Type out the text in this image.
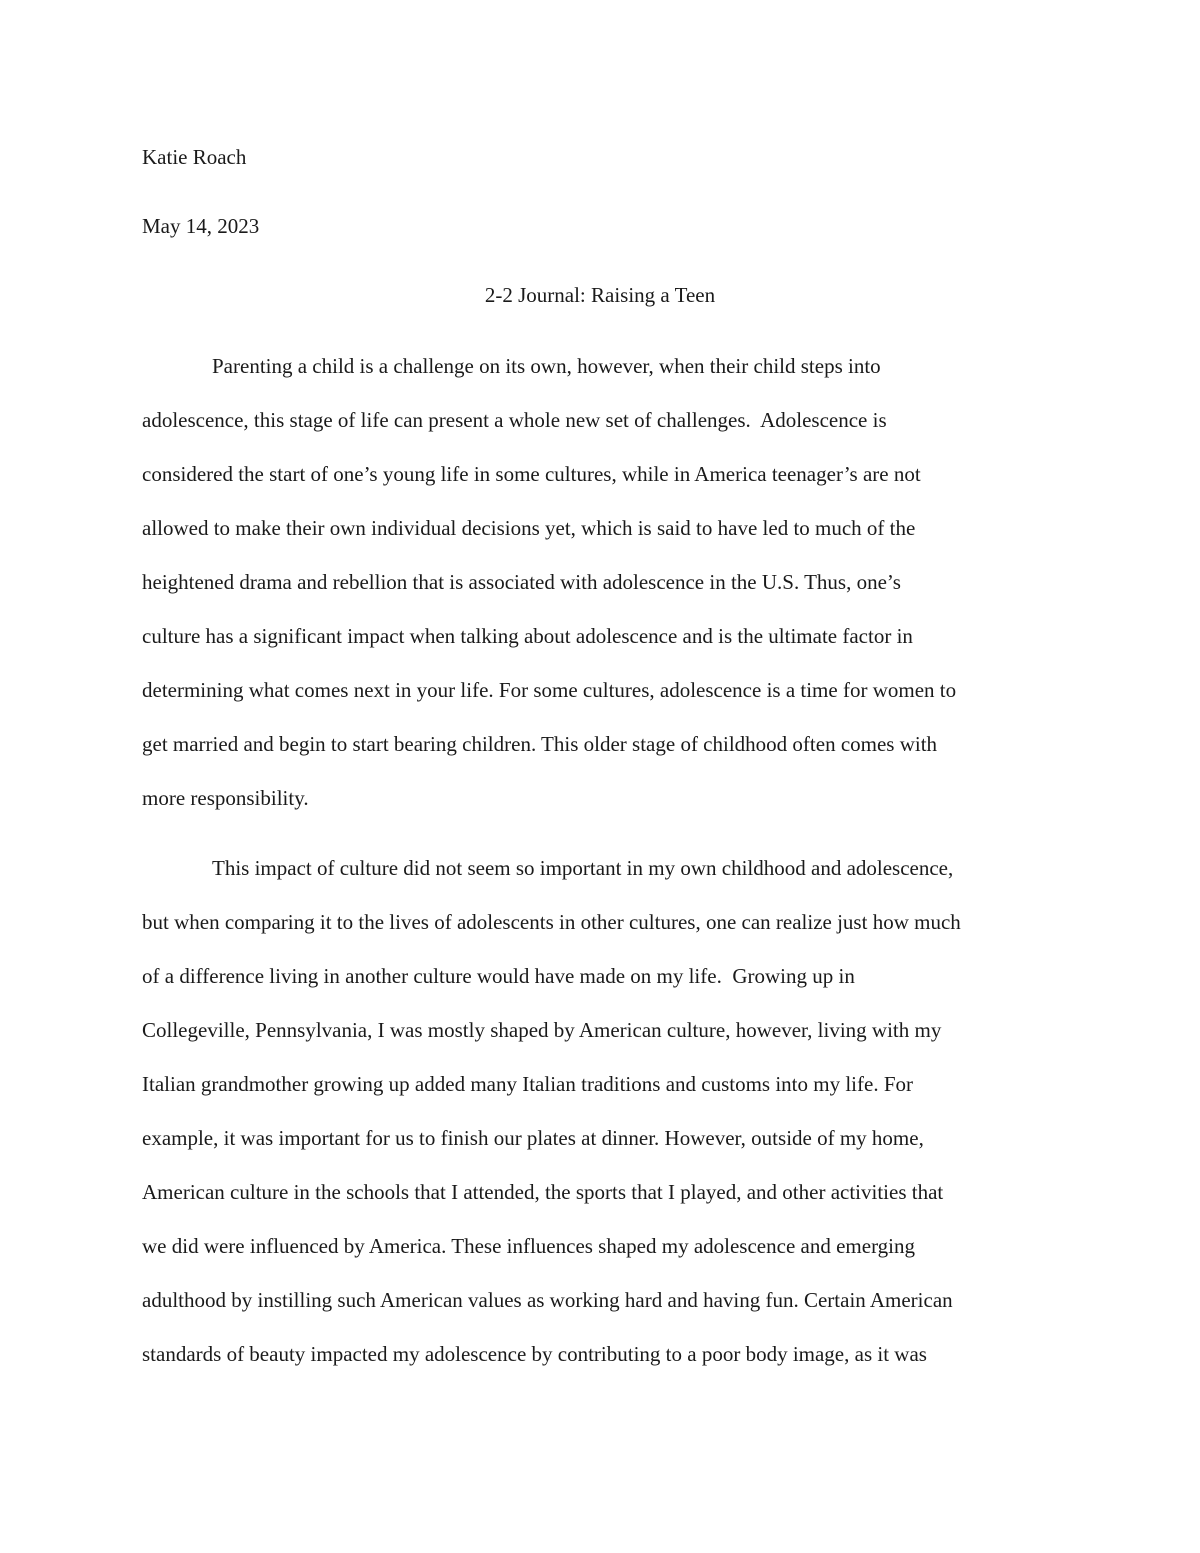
Katie Roach
May 14, 2023
2-2 Journal: Raising a Teen
Parenting a child is a challenge on its own, however, when their child steps into
adolescence, this stage of life can present a whole new set of challenges.  Adolescence is
considered the start of one’s young life in some cultures, while in America teenager’s are not
allowed to make their own individual decisions yet, which is said to have led to much of the
heightened drama and rebellion that is associated with adolescence in the U.S. Thus, one’s
culture has a significant impact when talking about adolescence and is the ultimate factor in
determining what comes next in your life. For some cultures, adolescence is a time for women to
get married and begin to start bearing children. This older stage of childhood often comes with
more responsibility.
This impact of culture did not seem so important in my own childhood and adolescence,
but when comparing it to the lives of adolescents in other cultures, one can realize just how much
of a difference living in another culture would have made on my life.  Growing up in
Collegeville, Pennsylvania, I was mostly shaped by American culture, however, living with my
Italian grandmother growing up added many Italian traditions and customs into my life. For
example, it was important for us to finish our plates at dinner. However, outside of my home,
American culture in the schools that I attended, the sports that I played, and other activities that
we did were influenced by America. These influences shaped my adolescence and emerging
adulthood by instilling such American values as working hard and having fun. Certain American
standards of beauty impacted my adolescence by contributing to a poor body image, as it was
